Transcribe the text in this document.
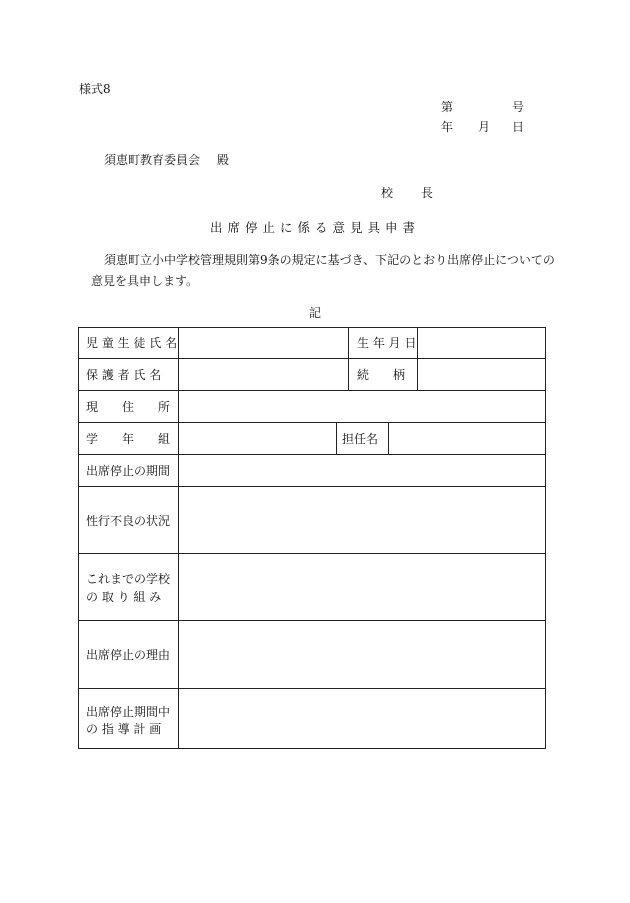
様式8
第	号
年 月 日
須恵町教育委員会 殿
校 長
出席停止に係る意見具申書
須恵町立小中学校管理規則第9条の規定に基づき、下記のとおり出席停止についての
意見を具申します。
記
児 童 生 徒 氏 名	生 年 月 日
保 護 者 氏 名	続　　柄
現　　住　　所
学　　年　　組	担任名
出席停止の期間
性行不良の状況
これまでの学校
の 取 り 組 み
出席停止の理由
出席停止期間中
の 指 導 計 画
